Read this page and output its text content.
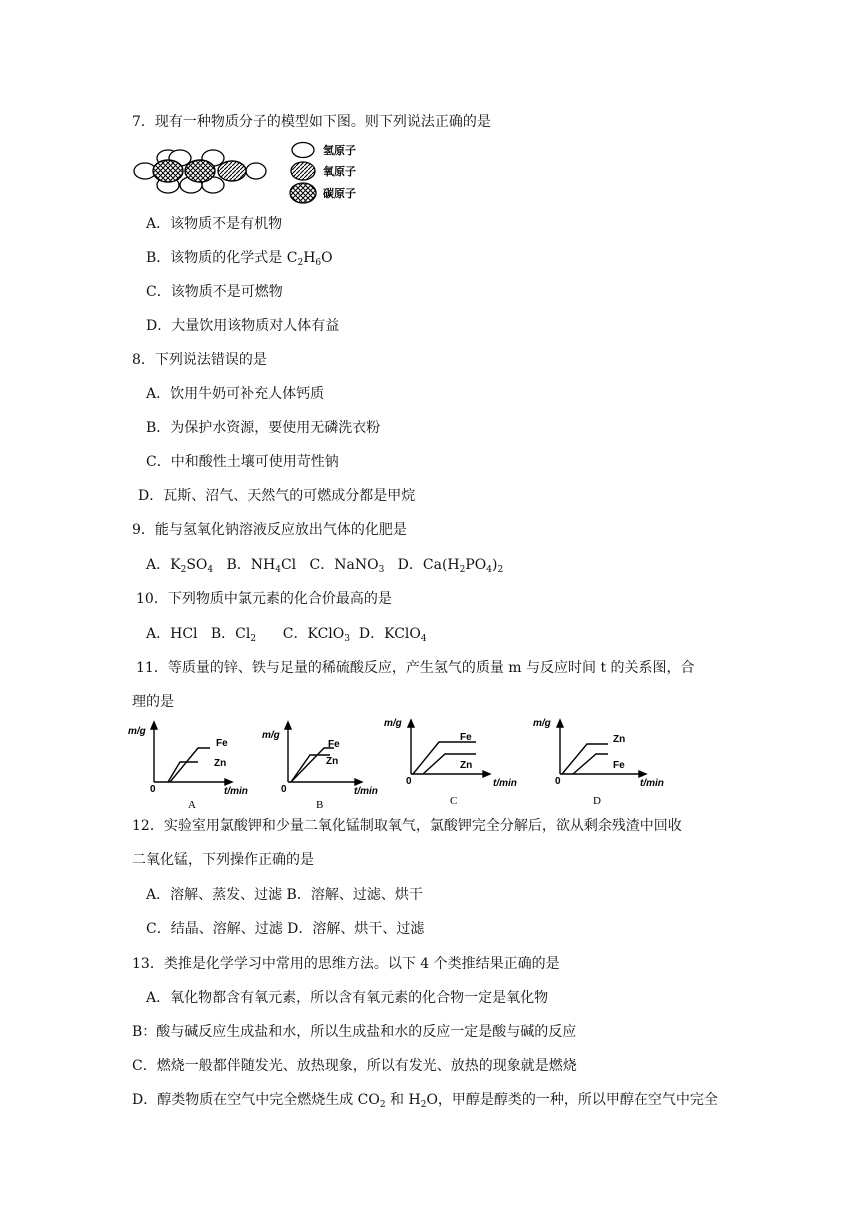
7．现有一种物质分子的模型如下图。则下列说法正确的是
氢原子
氧原子
碳原子
A．该物质不是有机物
B．该物质的化学式是 $C_2H_6O$
C．该物质不是可燃物
D．大量饮用该物质对人体有益
8．下列说法错误的是
A．饮用牛奶可补充人体钙质
B．为保护水资源，要使用无磷洗衣粉
C．中和酸性土壤可使用苛性钠
D．瓦斯、沼气、天然气的可燃成分都是甲烷
9．能与氢氧化钠溶液反应放出气体的化肥是
A．$K_2SO_4$ B．$NH_4Cl$ C．NaNO$_3$ D．$Ca(H_2PO_4)_2$
10．下列物质中氯元素的化合价最高的是
A．HCl B．$Cl_2$ C．KClO$_3$ D．KClO$_4$
11．等质量的锌、铁与足量的稀硫酸反应，产生氢气的质量 m 与反应时间 t 的关系图，合
理的是
m/g
0	t/min
Fe
Zn
A
m/g
0	t/min
Fe
Zn
B
m/g
0	t/min
Fe
Zn
C
m/g
0	t/min
Zn
Fe
D
12．实验室用氯酸钾和少量二氧化锰制取氧气，氯酸钾完全分解后，欲从剩余残渣中回收
二氧化锰，下列操作正确的是
A．溶解、蒸发、过滤 B．溶解、过滤、烘干
C．结晶、溶解、过滤 D．溶解、烘干、过滤
13．类推是化学学习中常用的思维方法。以下 4 个类推结果正确的是
A．氧化物都含有氧元素，所以含有氧元素的化合物一定是氧化物
B：酸与碱反应生成盐和水，所以生成盐和水的反应一定是酸与碱的反应
C．燃烧一般都伴随发光、放热现象，所以有发光、放热的现象就是燃烧
D．醇类物质在空气中完全燃烧生成 $CO_2$ 和 $H_2O$，甲醇是醇类的一种，所以甲醇在空气中完全
